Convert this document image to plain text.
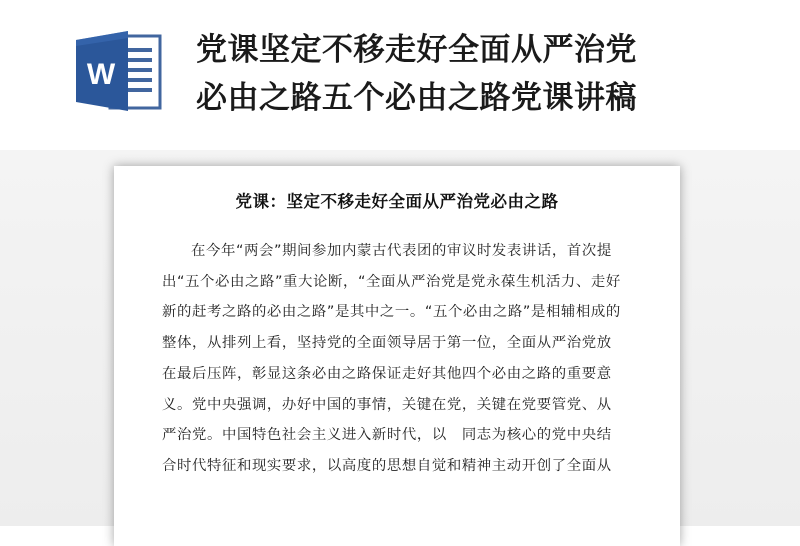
W
党课坚定不移走好全面从严治党
必由之路五个必由之路党课讲稿
党课：坚定不移走好全面从严治党必由之路
在今年“两会”期间参加内蒙古代表团的审议时发表讲话，首次提
出“五个必由之路”重大论断，“全面从严治党是党永葆生机活力、走好
新的赶考之路的必由之路”是其中之一。“五个必由之路”是相辅相成的
整体，从排列上看，坚持党的全面领导居于第一位，全面从严治党放
在最后压阵，彰显这条必由之路保证走好其他四个必由之路的重要意
义。党中央强调，办好中国的事情，关键在党，关键在党要管党、从
严治党。中国特色社会主义进入新时代，以　同志为核心的党中央结
合时代特征和现实要求，以高度的思想自觉和精神主动开创了全面从
